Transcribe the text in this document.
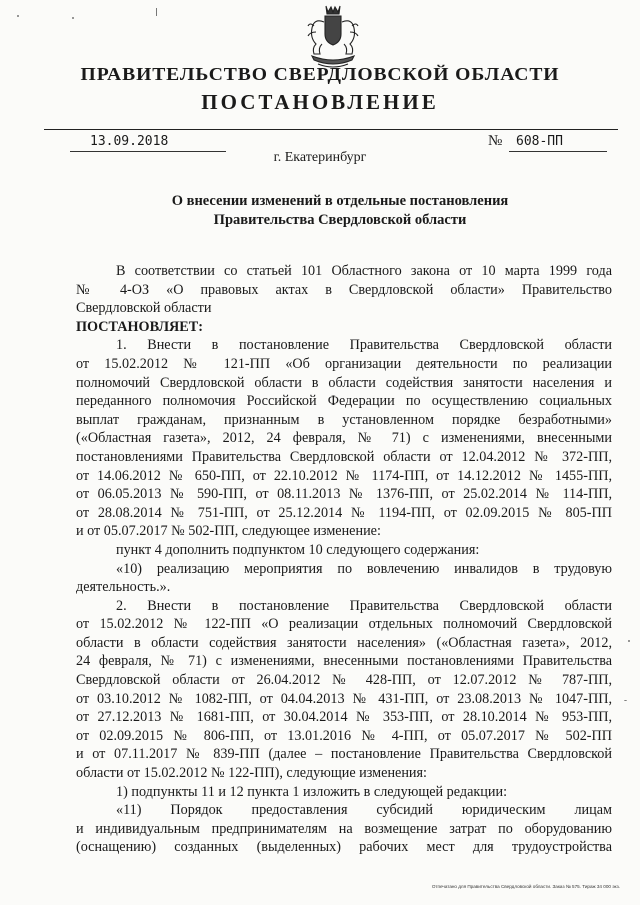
ПРАВИТЕЛЬСТВО СВЕРДЛОВСКОЙ ОБЛАСТИ
ПОСТАНОВЛЕНИЕ
13.09.2018	№ 608-ПП
г. Екатеринбург
О внесении изменений в отдельные постановления
Правительства Свердловской области
В соответствии со статьей 101 Областного закона от 10 марта 1999 года
№ 4-ОЗ «О правовых актах в Свердловской области» Правительство
Свердловской области
ПОСТАНОВЛЯЕТ:
1. Внести в постановление Правительства Свердловской области
от 15.02.2012 № 121-ПП «Об организации деятельности по реализации
полномочий Свердловской области в области содействия занятости населения и
переданного полномочия Российской Федерации по осуществлению социальных
выплат гражданам, признанным в установленном порядке безработными»
(«Областная газета», 2012, 24 февраля, № 71) с изменениями, внесенными
постановлениями Правительства Свердловской области от 12.04.2012 № 372-ПП,
от 14.06.2012 № 650-ПП, от 22.10.2012 № 1174-ПП, от 14.12.2012 № 1455-ПП,
от 06.05.2013 № 590-ПП, от 08.11.2013 № 1376-ПП, от 25.02.2014 № 114-ПП,
от 28.08.2014 № 751-ПП, от 25.12.2014 № 1194-ПП, от 02.09.2015 № 805-ПП
и от 05.07.2017 № 502-ПП, следующее изменение:
пункт 4 дополнить подпунктом 10 следующего содержания:
«10) реализацию мероприятия по вовлечению инвалидов в трудовую
деятельность.».
2. Внести в постановление Правительства Свердловской области
от 15.02.2012 № 122-ПП «О реализации отдельных полномочий Свердловской
области в области содействия занятости населения» («Областная газета», 2012,
24 февраля, № 71) с изменениями, внесенными постановлениями Правительства
Свердловской области от 26.04.2012 № 428-ПП, от 12.07.2012 № 787-ПП,
от 03.10.2012 № 1082-ПП, от 04.04.2013 № 431-ПП, от 23.08.2013 № 1047-ПП,
от 27.12.2013 № 1681-ПП, от 30.04.2014 № 353-ПП, от 28.10.2014 № 953-ПП,
от 02.09.2015 № 806-ПП, от 13.01.2016 № 4-ПП, от 05.07.2017 № 502-ПП
и от 07.11.2017 № 839-ПП (далее – постановление Правительства Свердловской
области от 15.02.2012 № 122-ПП), следующие изменения:
1) подпункты 11 и 12 пункта 1 изложить в следующей редакции:
«11) Порядок предоставления субсидий юридическим лицам
и индивидуальным предпринимателям на возмещение затрат по оборудованию
(оснащению) созданных (выделенных) рабочих мест для трудоустройства
Отпечатано для Правительства Свердловской области. Заказ № 575. Тираж 34 000 экз.
